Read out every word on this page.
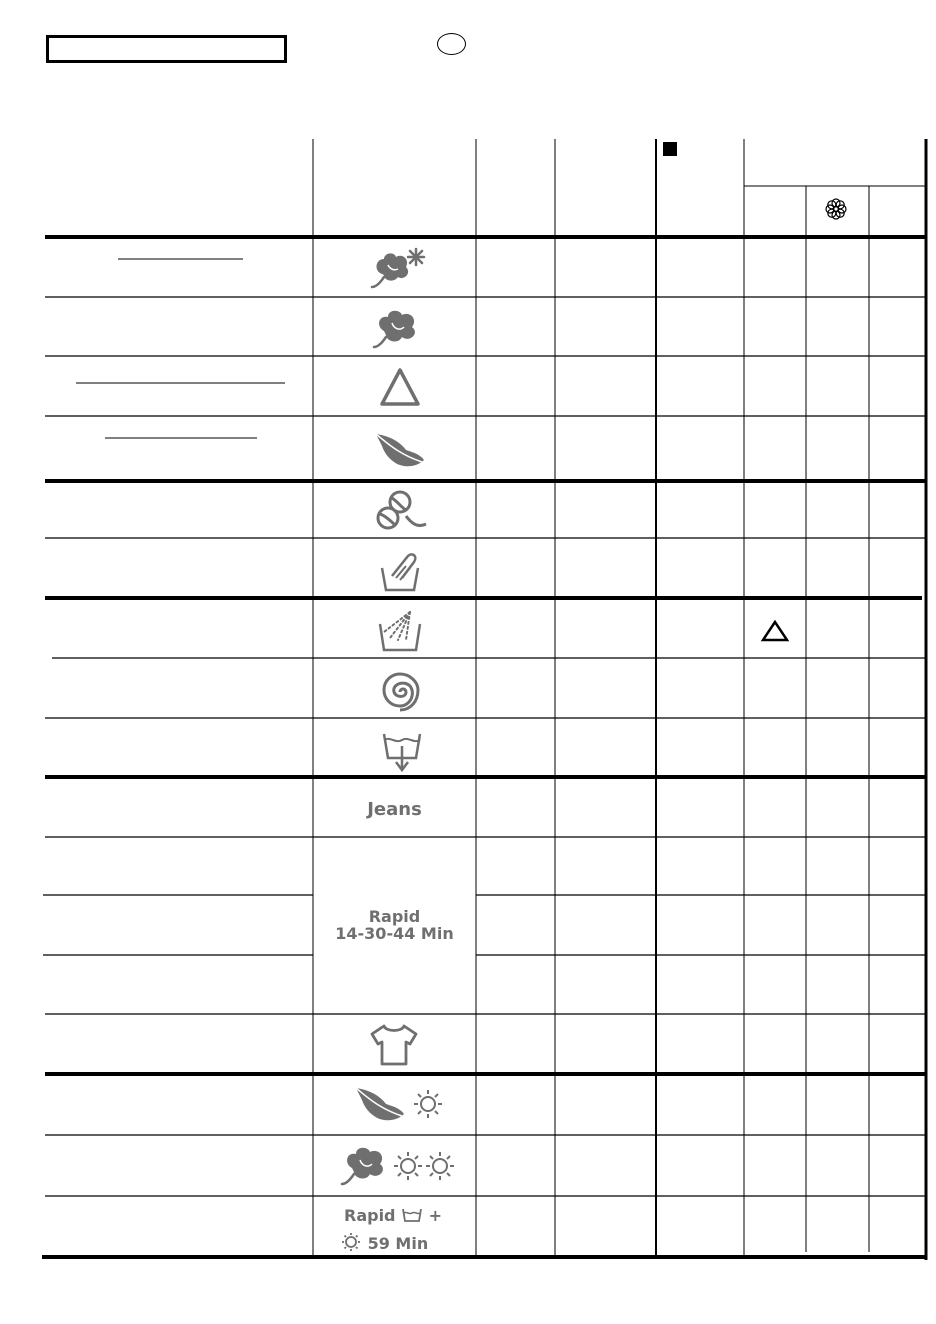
Jeans
Rapid
14-30-44 Min
Rapid +
59 Min
